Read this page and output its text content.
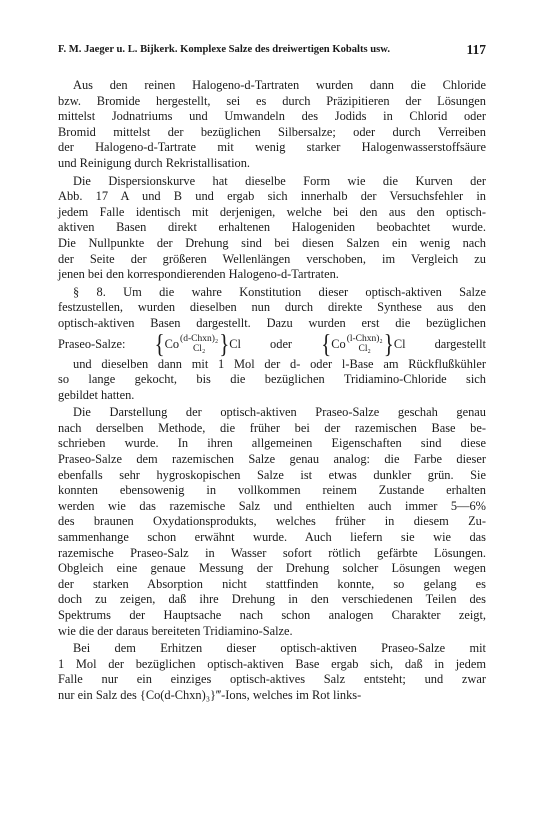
F. M. Jaeger u. L. Bijkerk. Komplexe Salze des dreiwertigen Kobalts usw.	117

Aus den reinen Halogeno-d-Tartraten wurden dann die Chloride

bzw. Bromide hergestellt, sei es durch Präzipitieren der Lösungen

mittelst Jodnatriums und Umwandeln des Jodids in Chlorid oder

Bromid mittelst der bezüglichen Silbersalze; oder durch Verreiben

der Halogeno-d-Tartrate mit wenig starker Halogenwasserstoffsäure

und Reinigung durch Rekristallisation.

Die Dispersionskurve hat dieselbe Form wie die Kurven der

Abb. 17 A und B und ergab sich innerhalb der Versuchsfehler in

jedem Falle identisch mit derjenigen, welche bei den aus den optisch-

aktiven Basen direkt erhaltenen Halogeniden beobachtet wurde.

Die Nullpunkte der Drehung sind bei diesen Salzen ein wenig nach

der Seite der größeren Wellenlängen verschoben, im Vergleich zu

jenen bei den korrespondierenden Halogeno-d-Tartraten.

§ 8. Um die wahre Konstitution dieser optisch-aktiven Salze

festzustellen, wurden dieselben nun durch direkte Synthese aus den

optisch-aktiven Basen dargestellt. Dazu wurden erst die bezüglichen

Praseo-Salze: { Co (d-Chxn)₂
Cl₂ } Cl oder { Co (l-Chxn)₂
Cl₂ } Cl dargestellt

und dieselben dann mit 1 Mol der d- oder l-Base am Rückflußkühler

so lange gekocht, bis die bezüglichen Tridiamino-Chloride sich

gebildet hatten.

Die Darstellung der optisch-aktiven Praseo-Salze geschah genau

nach derselben Methode, die früher bei der razemischen Base be-

schrieben wurde. In ihren allgemeinen Eigenschaften sind diese

Praseo-Salze dem razemischen Salze genau analog: die Farbe dieser

ebenfalls sehr hygroskopischen Salze ist etwas dunkler grün. Sie

konnten ebensowenig in vollkommen reinem Zustande erhalten

werden wie das razemische Salz und enthielten auch immer 5—6%

des braunen Oxydationsprodukts, welches früher in diesem Zu-

sammenhange schon erwähnt wurde. Auch liefern sie wie das

razemische Praseo-Salz in Wasser sofort rötlich gefärbte Lösungen.

Obgleich eine genaue Messung der Drehung solcher Lösungen wegen

der starken Absorption nicht stattfinden konnte, so gelang es

doch zu zeigen, daß ihre Drehung in den verschiedenen Teilen des

Spektrums der Hauptsache nach schon analogen Charakter zeigt,

wie die der daraus bereiteten Tridiamino-Salze.

Bei dem Erhitzen dieser optisch-aktiven Praseo-Salze mit

1 Mol der bezüglichen optisch-aktiven Base ergab sich, daß in jedem

Falle nur ein einziges optisch-aktives Salz entsteht; und zwar

nur ein Salz des {Co(d-Chxn)₃}‴-Ions, welches im Rot links-
